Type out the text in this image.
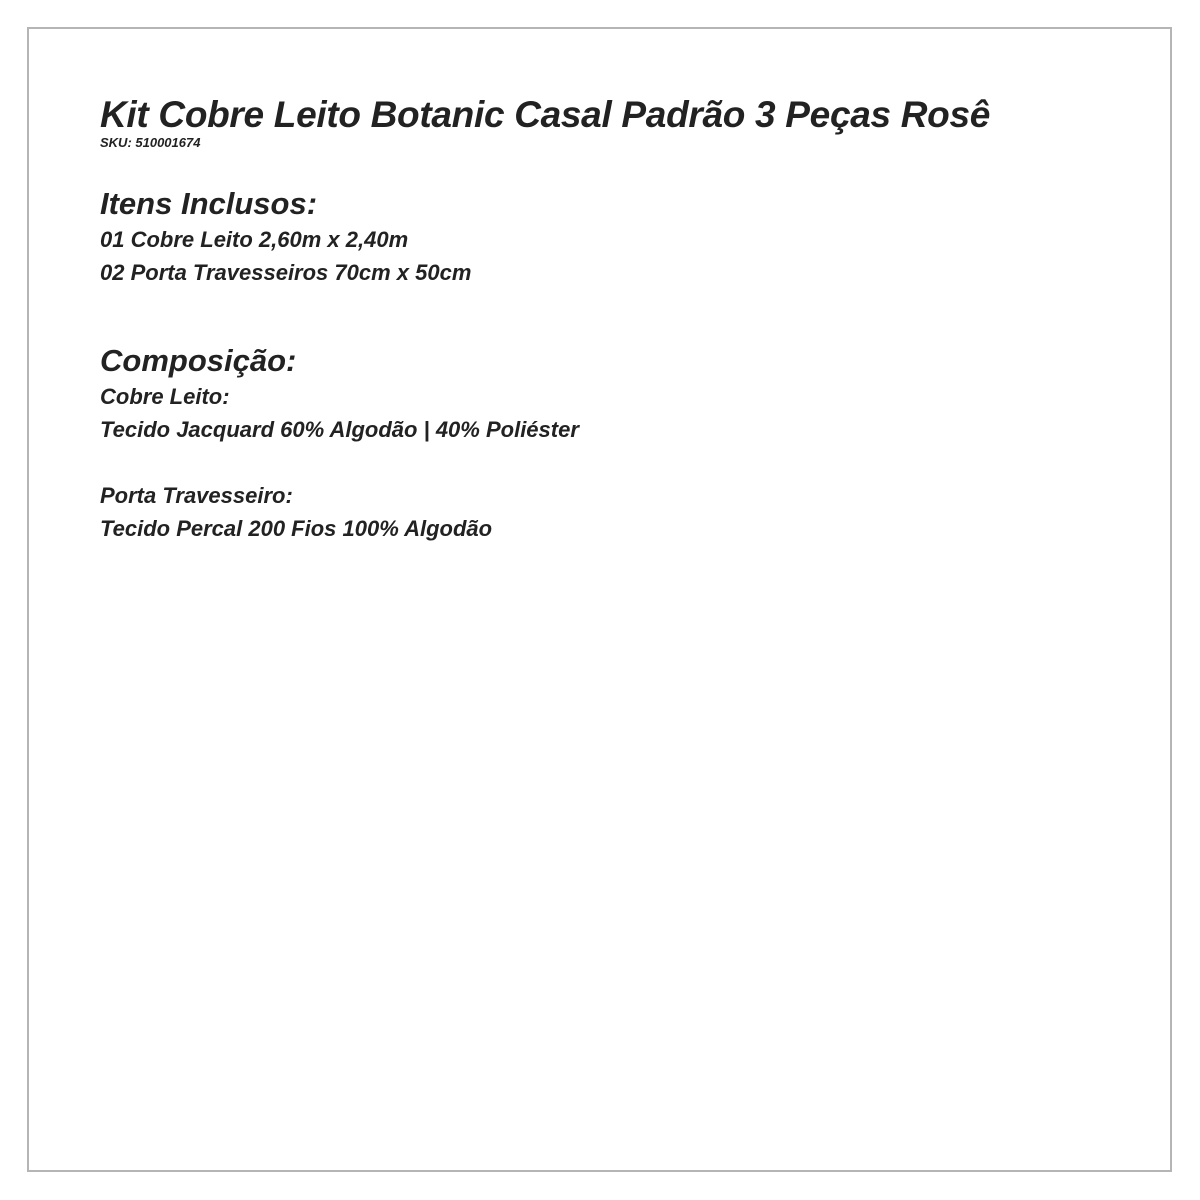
Kit Cobre Leito Botanic Casal Padrão 3 Peças Rosê

SKU: 510001674

Itens Inclusos:

01 Cobre Leito 2,60m x 2,40m

02 Porta Travesseiros 70cm x 50cm

Composição:

Cobre Leito:

Tecido Jacquard 60% Algodão | 40% Poliéster

Porta Travesseiro:

Tecido Percal 200 Fios 100% Algodão
